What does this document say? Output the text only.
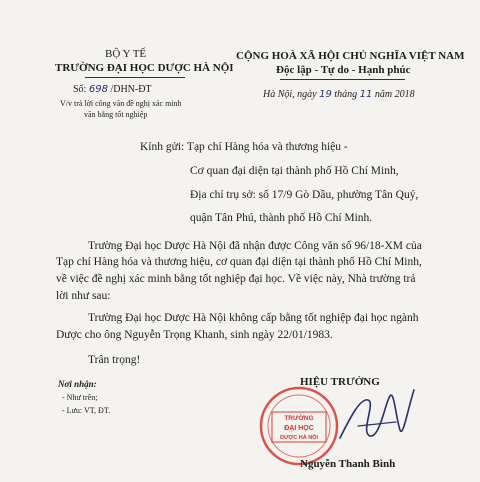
BỘ Y TẾ
TRƯỜNG ĐẠI HỌC DƯỢC HÀ NỘI
Số: 698 /DHN-ĐT
V/v trả lời công văn đề nghị xác minh
văn bằng tốt nghiệp
CỘNG HOÀ XÃ HỘI CHỦ NGHĨA VIỆT NAM
Độc lập - Tự do - Hạnh phúc
Hà Nội, ngày 19 tháng 11 năm 2018
Kính gửi: Tạp chí Hàng hóa và thương hiệu -
Cơ quan đại diện tại thành phố Hồ Chí Minh,
Địa chỉ trụ sở: số 17/9 Gò Dầu, phường Tân Quý,
quận Tân Phú, thành phố Hồ Chí Minh.
Trường Đại học Dược Hà Nội đã nhận được Công văn số 96/18-XM của
Tạp chí Hàng hóa và thương hiệu, cơ quan đại diện tại thành phố Hồ Chí Minh,
về việc đề nghị xác minh bằng tốt nghiệp đại học. Về việc này, Nhà trường trả
lời như sau:
Trường Đại học Dược Hà Nội không cấp bằng tốt nghiệp đại học ngành
Dược cho ông Nguyễn Trọng Khanh, sinh ngày 22/01/1983.
Trân trọng!
Nơi nhận:
- Như trên;
- Lưu: VT, ĐT.
HIỆU TRƯỞNG
TRƯỜNG
ĐẠI HỌC
DƯỢC HÀ NỘI
Nguyễn Thanh Bình
